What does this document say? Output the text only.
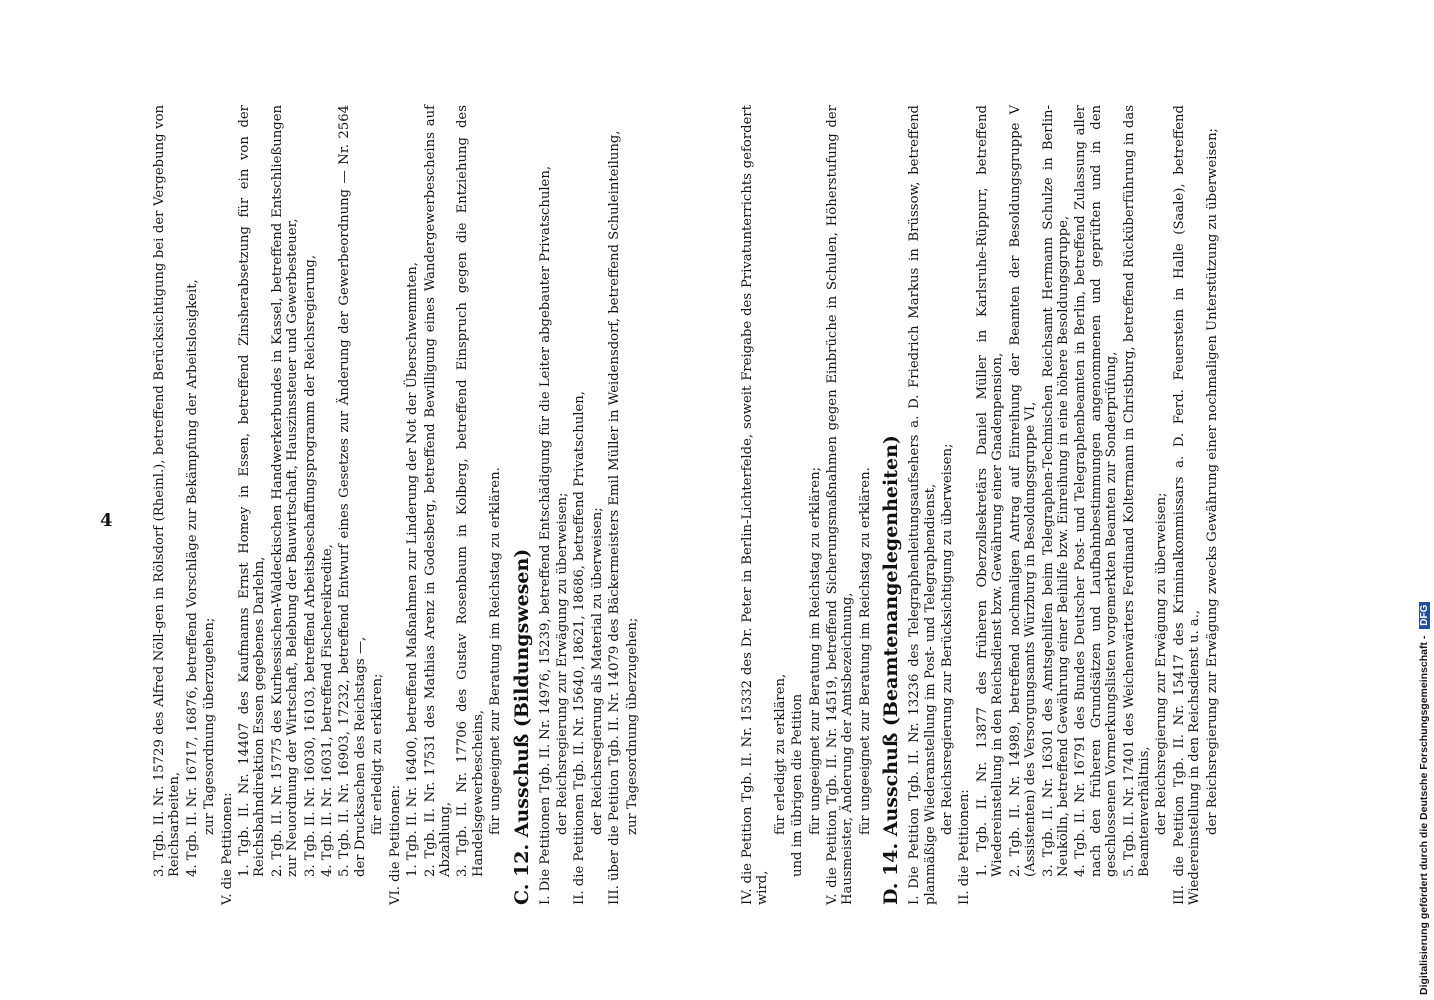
4	3. Tgb. II. Nr. 15729 des Alfred Nöll-gen in Rölsdorf (Rheinl.), betreffend Berücksichtigung bei der Vergebung von Reichsarbeiten, 4. Tgb. II. Nr. 16717, 16876, betreffend Vorschläge zur Bekämpfung der Arbeitslosigkeit, zur Tagesordnung überzugehen;

V. die Petitionen: 1. Tgb. II. Nr. 14407 des Kaufmanns Ernst Homey in Essen, betreffend Zinsherabsetzung für ein von der Reichsbahndirektion Essen gegebenes Darlehn, 2. Tgb. II. Nr. 15775 des Kurhessischen-Waldeckischen Handwerkerbundes in Kassel, betreffend Entschließungen zur Neuordnung der Wirtschaft, Belebung der Bauwirtschaft, Hauszinssteuer und Gewerbesteuer, 3. Tgb. II. Nr. 16030, 16103, betreffend Arbeitsbeschaffungsprogramm der Reichsregierung, 4. Tgb. II. Nr. 16031, betreffend Fischereikredite, 5. Tgb. II. Nr. 16903, 17232, betreffend Entwurf eines Gesetzes zur Änderung der Gewerbeordnung — Nr. 2564 der Drucksachen des Reichstags —, für erledigt zu erklären;

VI. die Petitionen: 1. Tgb. II. Nr. 16400, betreffend Maßnahmen zur Linderung der Not der Überschwemmten, 2. Tgb. II. Nr. 17531 des Mathias Arenz in Godesberg, betreffend Bewilligung eines Wandergewerbescheins auf Abzahlung, 3. Tgb. II. Nr. 17706 des Gustav Rosenbaum in Kolberg, betreffend Einspruch gegen die Entziehung des Handelsgewerbescheins, für ungeeignet zur Beratung im Reichstag zu erklären. C. 12. Ausschuß (Bildungswesen) I. Die Petitionen Tgb. II. Nr. 14976, 15239, betreffend Entschädigung für die Leiter abgebauter Privatschulen, der Reichsregierung zur Erwägung zu überweisen; II. die Petitionen Tgb. II. Nr. 15640, 18621, 18686, betreffend Privatschulen, der Reichsregierung als Material zu überweisen; III. über die Petition Tgb. II. Nr. 14079 des Bäckermeisters Emil Müller in Weidensdorf, betreffend Schuleinteilung, zur Tagesordnung überzugehen;	IV. die Petition Tgb. II. Nr. 15332 des Dr. Peter in Berlin-Lichterfelde, soweit Freigabe des Privatunterrichts gefordert wird,

für erledigt zu erklären, und im übrigen die Petition für ungeeignet zur Beratung im Reichstag zu erklären; V. die Petition Tgb. II. Nr. 14519, betreffend Sicherungsmaßnahmen gegen Einbrüche in Schulen, Höherstufung der Hausmeister, Änderung der Amtsbezeichnung, für ungeeignet zur Beratung im Reichstag zu erklären. D. 14. Ausschuß (Beamtenangelegenheiten) I. Die Petition Tgb. II. Nr. 13236 des Telegraphenleitungsaufsehers a. D. Friedrich Markus in Brüssow, betreffend planmäßige Wiederanstellung im Post- und Telegraphendienst, der Reichsregierung zur Berücksichtigung zu überweisen;

II. die Petitionen: 1. Tgb. II. Nr. 13877 des früheren Oberzollsekretärs Daniel Müller in Karlsruhe-Rüppurr, betreffend Wiedereinstellung in den Reichsdienst bzw. Gewährung einer Gnadenpension, 2. Tgb. II. Nr. 14989, betreffend nochmaligen Antrag auf Einreihung der Beamten der Besoldungsgruppe V (Assistenten) des Versorgungsamts Würzburg in Besoldungsgruppe VI, 3. Tgb. II. Nr. 16301 des Amtsgehilfen beim Telegraphen-Technischen Reichsamt Hermann Schulze in Berlin-Neukölln, betreffend Gewährung einer Beihilfe bzw. Einreihung in eine höhere Besoldungsgruppe, 4. Tgb. II. Nr. 16791 des Bundes Deutscher Post- und Telegraphenbeamten in Berlin, betreffend Zulassung aller nach den früheren Grundsätzen und Laufbahnbestimmungen angenommenen und geprüften und in den geschlossenen Vormerkungslisten vorgemerkten Beamten zur Sonderprüfung, 5. Tgb. II. Nr. 17401 des Weichenwärters Ferdinand Koltermann in Christburg, betreffend Rücküberführung in das Beamtenverhältnis, der Reichsregierung zur Erwägung zu überweisen; III. die Petition Tgb. II. Nr. 15417 des Kriminalkommissars a. D. Ferd. Feuerstein in Halle (Saale), betreffend Wiedereinstellung in den Reichsdienst u. a., der Reichsregierung zur Erwägung zwecks Gewährung einer nochmaligen Unterstützung zu überweisen;	Digitalisierung gefördert durch die Deutsche Forschungsgemeinschaft - DFG
